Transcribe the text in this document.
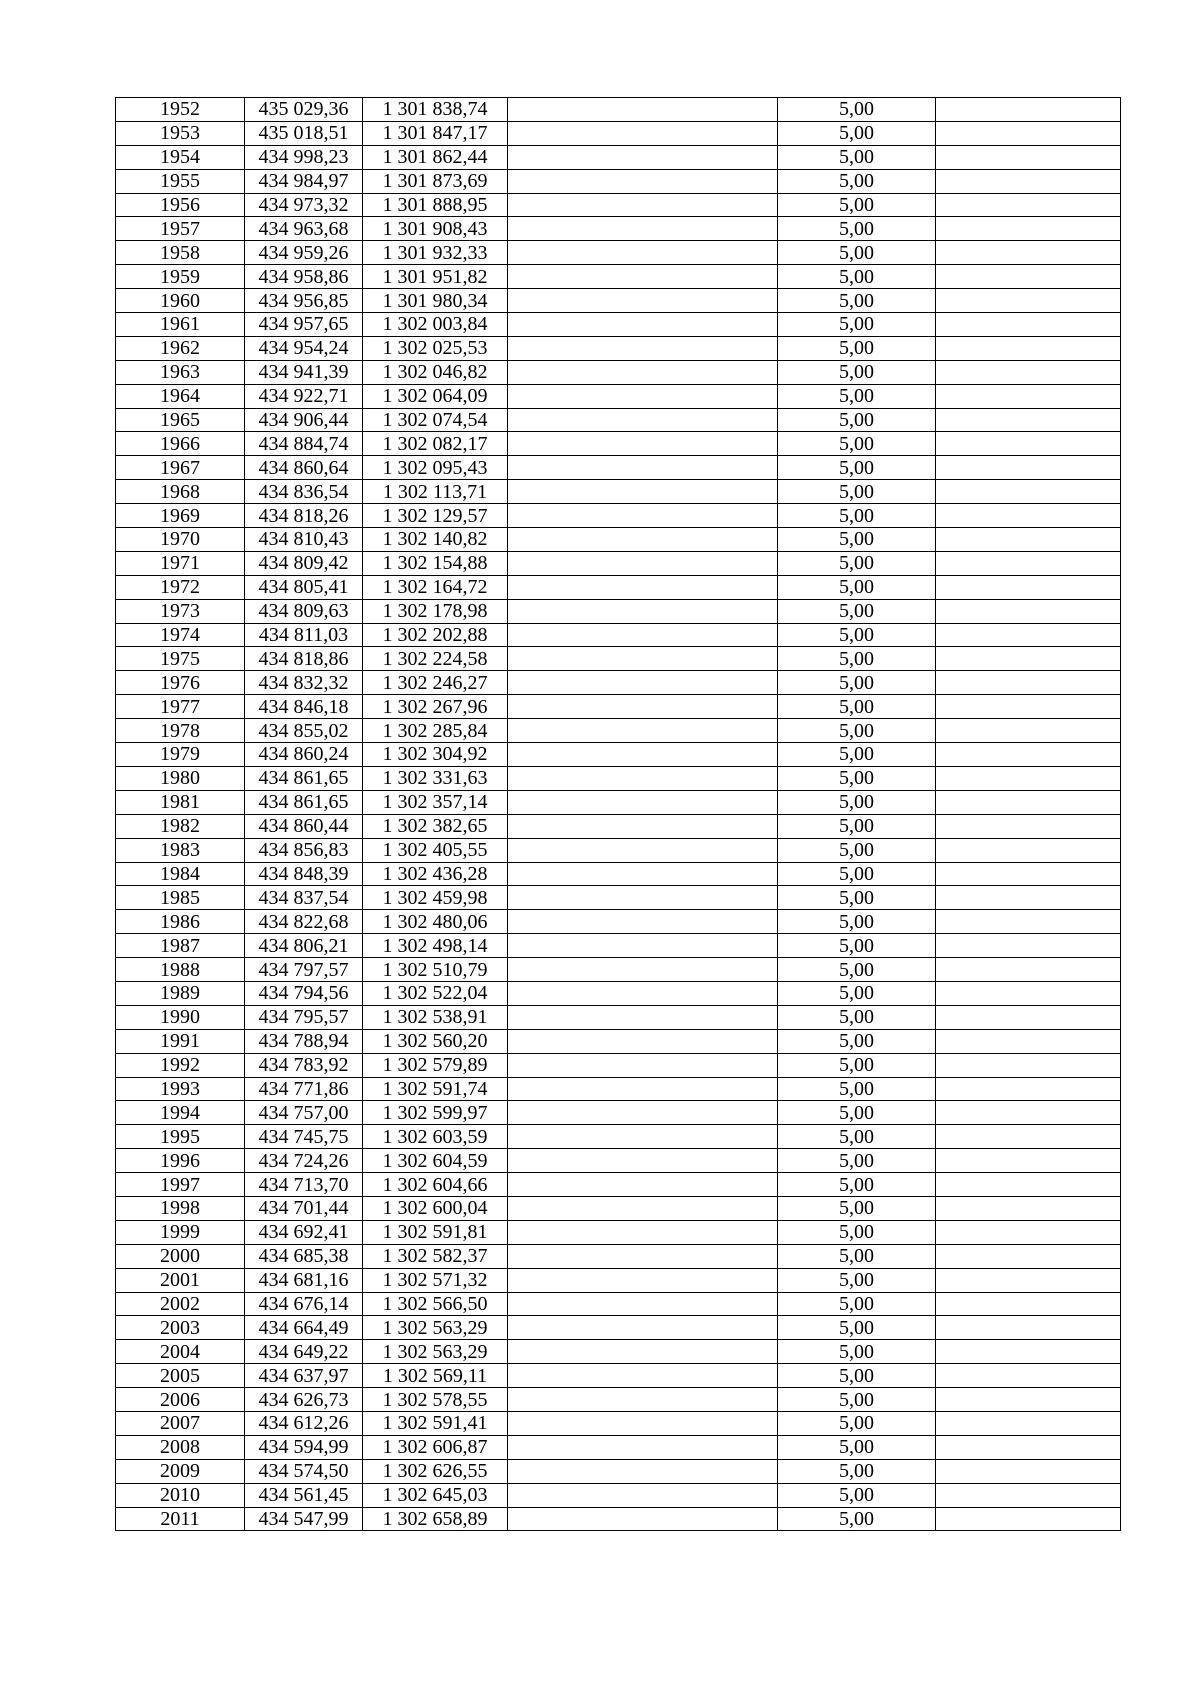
1952	435 029,36	1 301 838,74		5,00	
1953	435 018,51	1 301 847,17		5,00	
1954	434 998,23	1 301 862,44		5,00	
1955	434 984,97	1 301 873,69		5,00	
1956	434 973,32	1 301 888,95		5,00	
1957	434 963,68	1 301 908,43		5,00	
1958	434 959,26	1 301 932,33		5,00	
1959	434 958,86	1 301 951,82		5,00	
1960	434 956,85	1 301 980,34		5,00	
1961	434 957,65	1 302 003,84		5,00	
1962	434 954,24	1 302 025,53		5,00	
1963	434 941,39	1 302 046,82		5,00	
1964	434 922,71	1 302 064,09		5,00	
1965	434 906,44	1 302 074,54		5,00	
1966	434 884,74	1 302 082,17		5,00	
1967	434 860,64	1 302 095,43		5,00	
1968	434 836,54	1 302 113,71		5,00	
1969	434 818,26	1 302 129,57		5,00	
1970	434 810,43	1 302 140,82		5,00	
1971	434 809,42	1 302 154,88		5,00	
1972	434 805,41	1 302 164,72		5,00	
1973	434 809,63	1 302 178,98		5,00	
1974	434 811,03	1 302 202,88		5,00	
1975	434 818,86	1 302 224,58		5,00	
1976	434 832,32	1 302 246,27		5,00	
1977	434 846,18	1 302 267,96		5,00	
1978	434 855,02	1 302 285,84		5,00	
1979	434 860,24	1 302 304,92		5,00	
1980	434 861,65	1 302 331,63		5,00	
1981	434 861,65	1 302 357,14		5,00	
1982	434 860,44	1 302 382,65		5,00	
1983	434 856,83	1 302 405,55		5,00	
1984	434 848,39	1 302 436,28		5,00	
1985	434 837,54	1 302 459,98		5,00	
1986	434 822,68	1 302 480,06		5,00	
1987	434 806,21	1 302 498,14		5,00	
1988	434 797,57	1 302 510,79		5,00	
1989	434 794,56	1 302 522,04		5,00	
1990	434 795,57	1 302 538,91		5,00	
1991	434 788,94	1 302 560,20		5,00	
1992	434 783,92	1 302 579,89		5,00	
1993	434 771,86	1 302 591,74		5,00	
1994	434 757,00	1 302 599,97		5,00	
1995	434 745,75	1 302 603,59		5,00	
1996	434 724,26	1 302 604,59		5,00	
1997	434 713,70	1 302 604,66		5,00	
1998	434 701,44	1 302 600,04		5,00	
1999	434 692,41	1 302 591,81		5,00	
2000	434 685,38	1 302 582,37		5,00	
2001	434 681,16	1 302 571,32		5,00	
2002	434 676,14	1 302 566,50		5,00	
2003	434 664,49	1 302 563,29		5,00	
2004	434 649,22	1 302 563,29		5,00	
2005	434 637,97	1 302 569,11		5,00	
2006	434 626,73	1 302 578,55		5,00	
2007	434 612,26	1 302 591,41		5,00	
2008	434 594,99	1 302 606,87		5,00	
2009	434 574,50	1 302 626,55		5,00	
2010	434 561,45	1 302 645,03		5,00	
2011	434 547,99	1 302 658,89		5,00	
